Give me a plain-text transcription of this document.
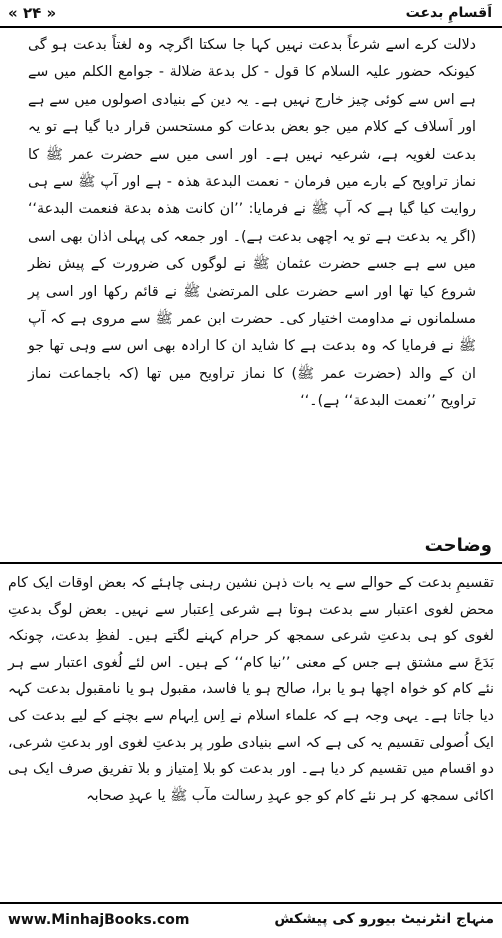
« ۲۴ »	اَقسامِ بدعت

دلالت کرے اسے شرعاً بدعت نہیں کہا جا سکتا اگرچہ وہ لغتاً بدعت ہو گی کیونکہ حضور علیہ السلام کا قول - کل بدعة ضلالة - جوامع الکلم میں سے ہے اس سے کوئی چیز خارج نہیں ہے۔ یہ دین کے بنیادی اصولوں میں سے ہے اور اَسلاف کے کلام میں جو بعض بدعات کو مستحسن قرار دیا گیا ہے تو یہ بدعت لغویہ ہے، شرعیہ نہیں ہے۔ اور اسی میں سے حضرت عمر ﷺ کا نماز تراویح کے بارے میں فرمان - نعمت البدعة ھذہ - ہے اور آپ ﷺ سے ہی روایت کیا گیا ہے کہ آپ ﷺ نے فرمایا: ’’ان کانت ھذہ بدعة فنعمت البدعة‘‘ (اگر یہ بدعت ہے تو یہ اچھی بدعت ہے)۔ اور جمعہ کی پہلی اذان بھی اسی میں سے ہے جسے حضرت عثمان ﷺ نے لوگوں کی ضرورت کے پیش نظر شروع کیا تھا اور اسے حضرت علی المرتضیٰ ﷺ نے قائم رکھا اور اسی پر مسلمانوں نے مداومت اختیار کی۔ حضرت ابن عمر ﷺ سے مروی ہے کہ آپ ﷺ نے فرمایا کہ وہ بدعت ہے کا شاید ان کا ارادہ بھی اس سے وہی تھا جو ان کے والد (حضرت عمر ﷺ) کا نماز تراویح میں تھا (کہ باجماعت نماز تراویح ’’نعمت البدعة‘‘ ہے)۔‘‘

وضاحت

تقسیمِ بدعت کے حوالے سے یہ بات ذہن نشین رہنی چاہئے کہ بعض اوقات ایک کام محض لغوی اعتبار سے بدعت ہوتا ہے شرعی اِعتبار سے نہیں۔ بعض لوگ بدعتِ لغوی کو ہی بدعتِ شرعی سمجھ کر حرام کہنے لگتے ہیں۔ لفظِ بدعت، چونکہ بَدَعَ سے مشتق ہے جس کے معنی ’’نیا کام‘‘ کے ہیں۔ اس لئے لُغوی اعتبار سے ہر نئے کام کو خواہ اچھا ہو یا برا، صالح ہو یا فاسد، مقبول ہو یا نامقبول بدعت کہہ دیا جاتا ہے۔ یہی وجہ ہے کہ علماء اسلام نے اِس اِبہام سے بچنے کے لیے بدعت کی ایک اُصولی تقسیم یہ کی ہے کہ اسے بنیادی طور پر بدعتِ لغوی اور بدعتِ شرعی، دو اقسام میں تقسیم کر دیا ہے۔ اور بدعت کو بلا اِمتیاز و بلا تفریق صرف ایک ہی اکائی سمجھ کر ہر نئے کام کو جو عہدِ رسالت مآب ﷺ یا عہدِ صحابہ

www.MinhajBooks.com	منہاج انٹرنیٹ بیورو کی پیشکش
